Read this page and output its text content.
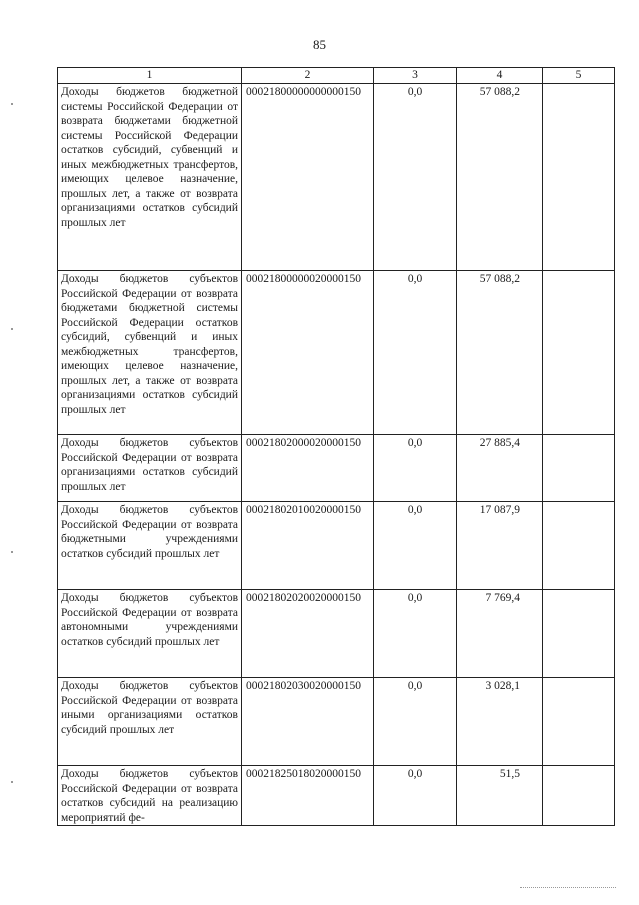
85
1	2	3	4	5
Доходы бюджетов бюджетной системы Российской Федерации от возврата бюджетами бюджетной системы Российской Федерации остатков субсидий, субвенций и иных межбюджетных трансфертов, имеющих целевое назначение, прошлых лет, а также от возврата организациями остатков субсидий прошлых лет	00021800000000000150	0,0	57 088,2	
Доходы бюджетов субъектов Российской Федерации от возврата бюджетами бюджетной системы Российской Федерации остатков субсидий, субвенций и иных межбюджетных трансфертов, имеющих целевое назначение, прошлых лет, а также от возврата организациями остатков субсидий прошлых лет	00021800000020000150	0,0	57 088,2	
Доходы бюджетов субъектов Российской Федерации от возврата организациями остатков субсидий прошлых лет	00021802000020000150	0,0	27 885,4	
Доходы бюджетов субъектов Российской Федерации от возврата бюджетными учреждениями остатков субсидий прошлых лет	00021802010020000150	0,0	17 087,9	
Доходы бюджетов субъектов Российской Федерации от возврата автономными учреждениями остатков субсидий прошлых лет	00021802020020000150	0,0	7 769,4	
Доходы бюджетов субъектов Российской Федерации от возврата иными организациями остатков субсидий прошлых лет	00021802030020000150	0,0	3 028,1	
Доходы бюджетов субъектов Российской Федерации от возврата остатков субсидий на реализацию мероприятий фе-	00021825018020000150	0,0	51,5	
